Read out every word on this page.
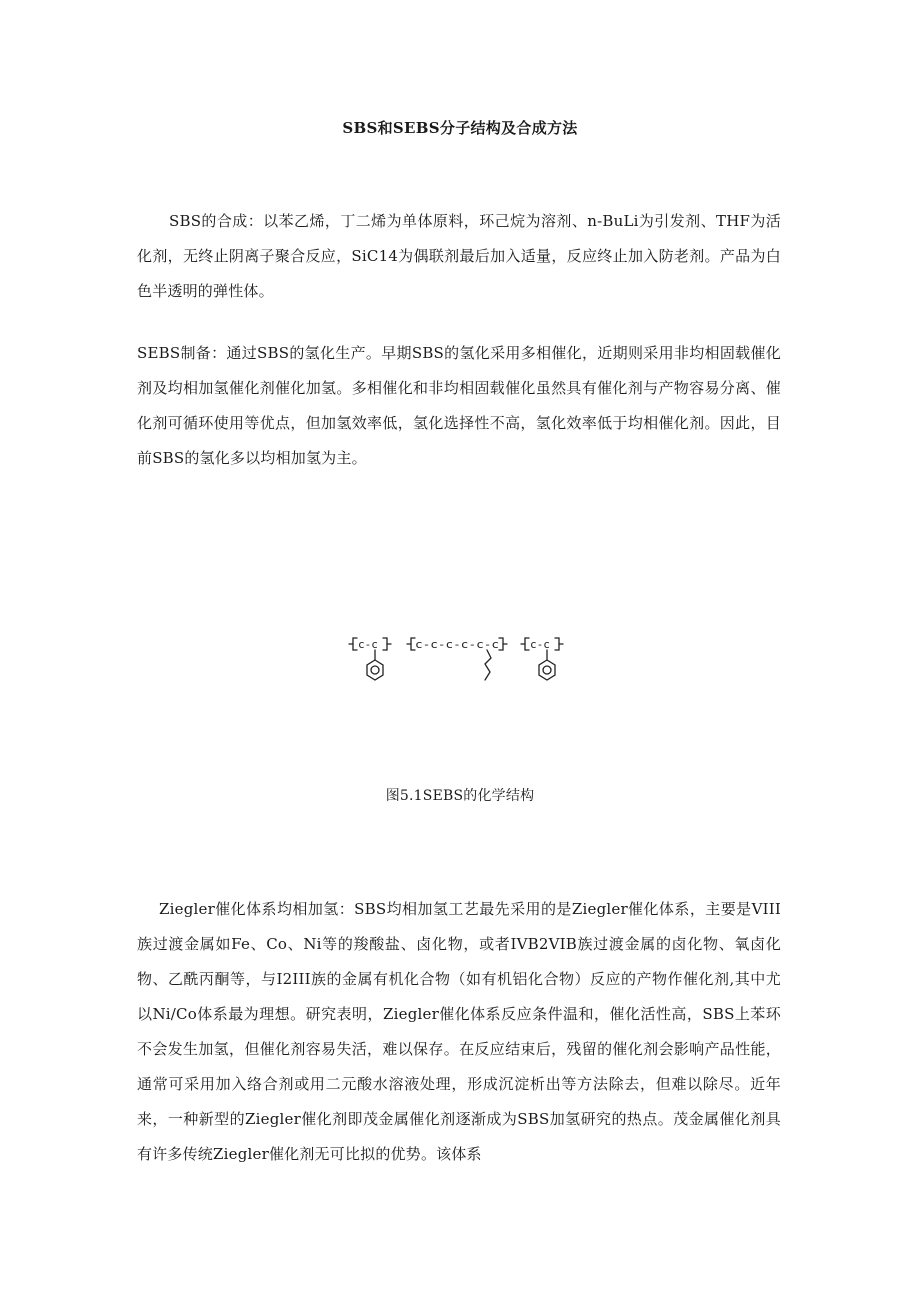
SBS和SEBS分子结构及合成方法

SBS的合成：以苯乙烯，丁二烯为单体原料，环己烷为溶剂、n-BuLi为引发剂、THF为活化剂，无终止阴离子聚合反应，SiC14为偶联剂最后加入适量，反应终止加入防老剂。产品为白色半透明的弹性体。

SEBS制备：通过SBS的氢化生产。早期SBS的氢化采用多相催化，近期则采用非均相固载催化剂及均相加氢催化剂催化加氢。多相催化和非均相固载催化虽然具有催化剂与产物容易分离、催化剂可循环使用等优点，但加氢效率低，氢化选择性不高，氢化效率低于均相催化剂。因此，目前SBS的氢化多以均相加氢为主。

c-c	c-c-c-c-c-c	c-c
图5.1SEBS的化学结构

Ziegler催化体系均相加氢：SBS均相加氢工艺最先采用的是Ziegler催化体系，主要是VIII族过渡金属如Fe、Co、Ni等的羧酸盐、卤化物，或者IVB2VIB族过渡金属的卤化物、氧卤化物、乙酰丙酮等，与I2III族的金属有机化合物（如有机铝化合物）反应的产物作催化剂,其中尤以Ni/Co体系最为理想。研究表明，Ziegler催化体系反应条件温和，催化活性高，SBS上苯环不会发生加氢，但催化剂容易失活，难以保存。在反应结束后，残留的催化剂会影响产品性能，通常可采用加入络合剂或用二元酸水溶液处理，形成沉淀析出等方法除去，但难以除尽。近年来，一种新型的Ziegler催化剂即茂金属催化剂逐渐成为SBS加氢研究的热点。茂金属催化剂具有许多传统Ziegler催化剂无可比拟的优势。该体系
